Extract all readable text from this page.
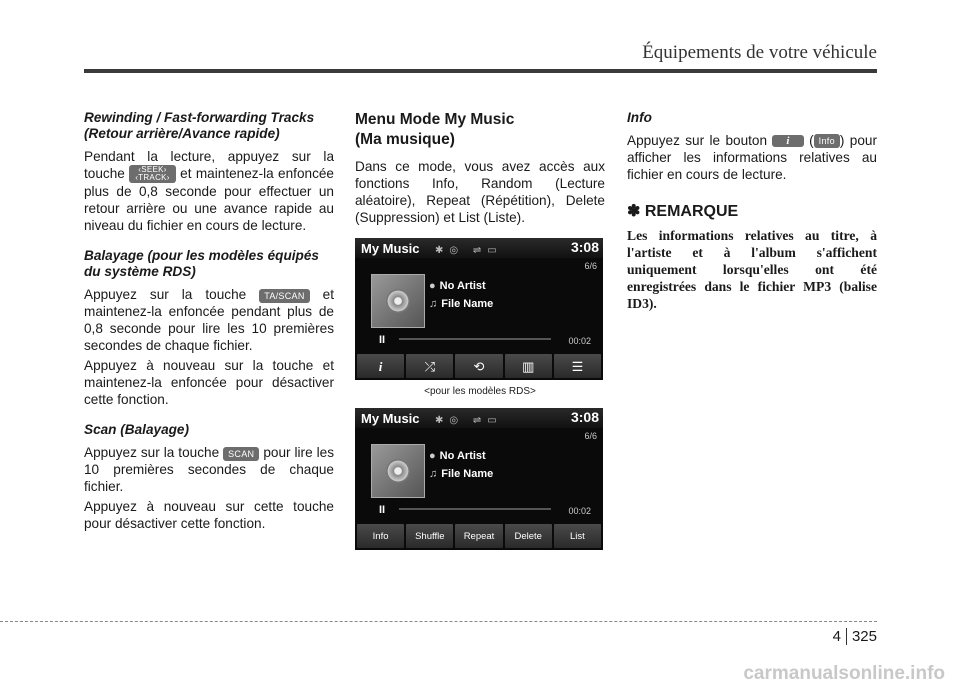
Équipements de votre véhicule
Rewinding / Fast-forwarding Tracks
(Retour arrière/Avance rapide)

Pendant la lecture, appuyez sur la touche ‹SEEK›
‹TRACK› et maintenez-la enfoncée plus de 0,8 seconde pour effectuer un retour arrière ou une avance rapide au niveau du fichier en cours de lecture.

Balayage (pour les modèles équipés
du système RDS)

Appuyez sur la touche TA/SCAN et maintenez-la enfoncée pendant plus de 0,8 seconde pour lire les 10 premières secondes de chaque fichier.

Appuyez à nouveau sur la touche et maintenez-la enfoncée pour désactiver cette fonction.

Scan (Balayage)

Appuyez sur la touche SCAN pour lire les 10 premières secondes de chaque fichier.

Appuyez à nouveau sur cette touche pour désactiver cette fonction.

Menu Mode My Music
(Ma musique)

Dans ce mode, vous avez accès aux fonctions Info, Random (Lecture aléatoire), Repeat (Répétition), Delete (Suppression) et List (Liste).

My Music ✱◎ ⇌▭	3:08
6/6
● No Artist
♫ File Name
II	00:02
i	⤮	⟲	▥	☰
<pour les modèles RDS>
My Music ✱◎ ⇌▭	3:08
6/6
● No Artist
♫ File Name
II	00:02
Info	Shuffle	Repeat	Delete	List
Info

Appuyez sur le bouton i ( Info ) pour afficher les informations relatives au fichier en cours de lecture.

✽ REMARQUE
Les informations relatives au titre, à l'artiste et à l'album s'affichent uniquement lorsqu'elles ont été enregistrées dans le fichier MP3 (balise ID3).
4 325
carmanualsonline.info
